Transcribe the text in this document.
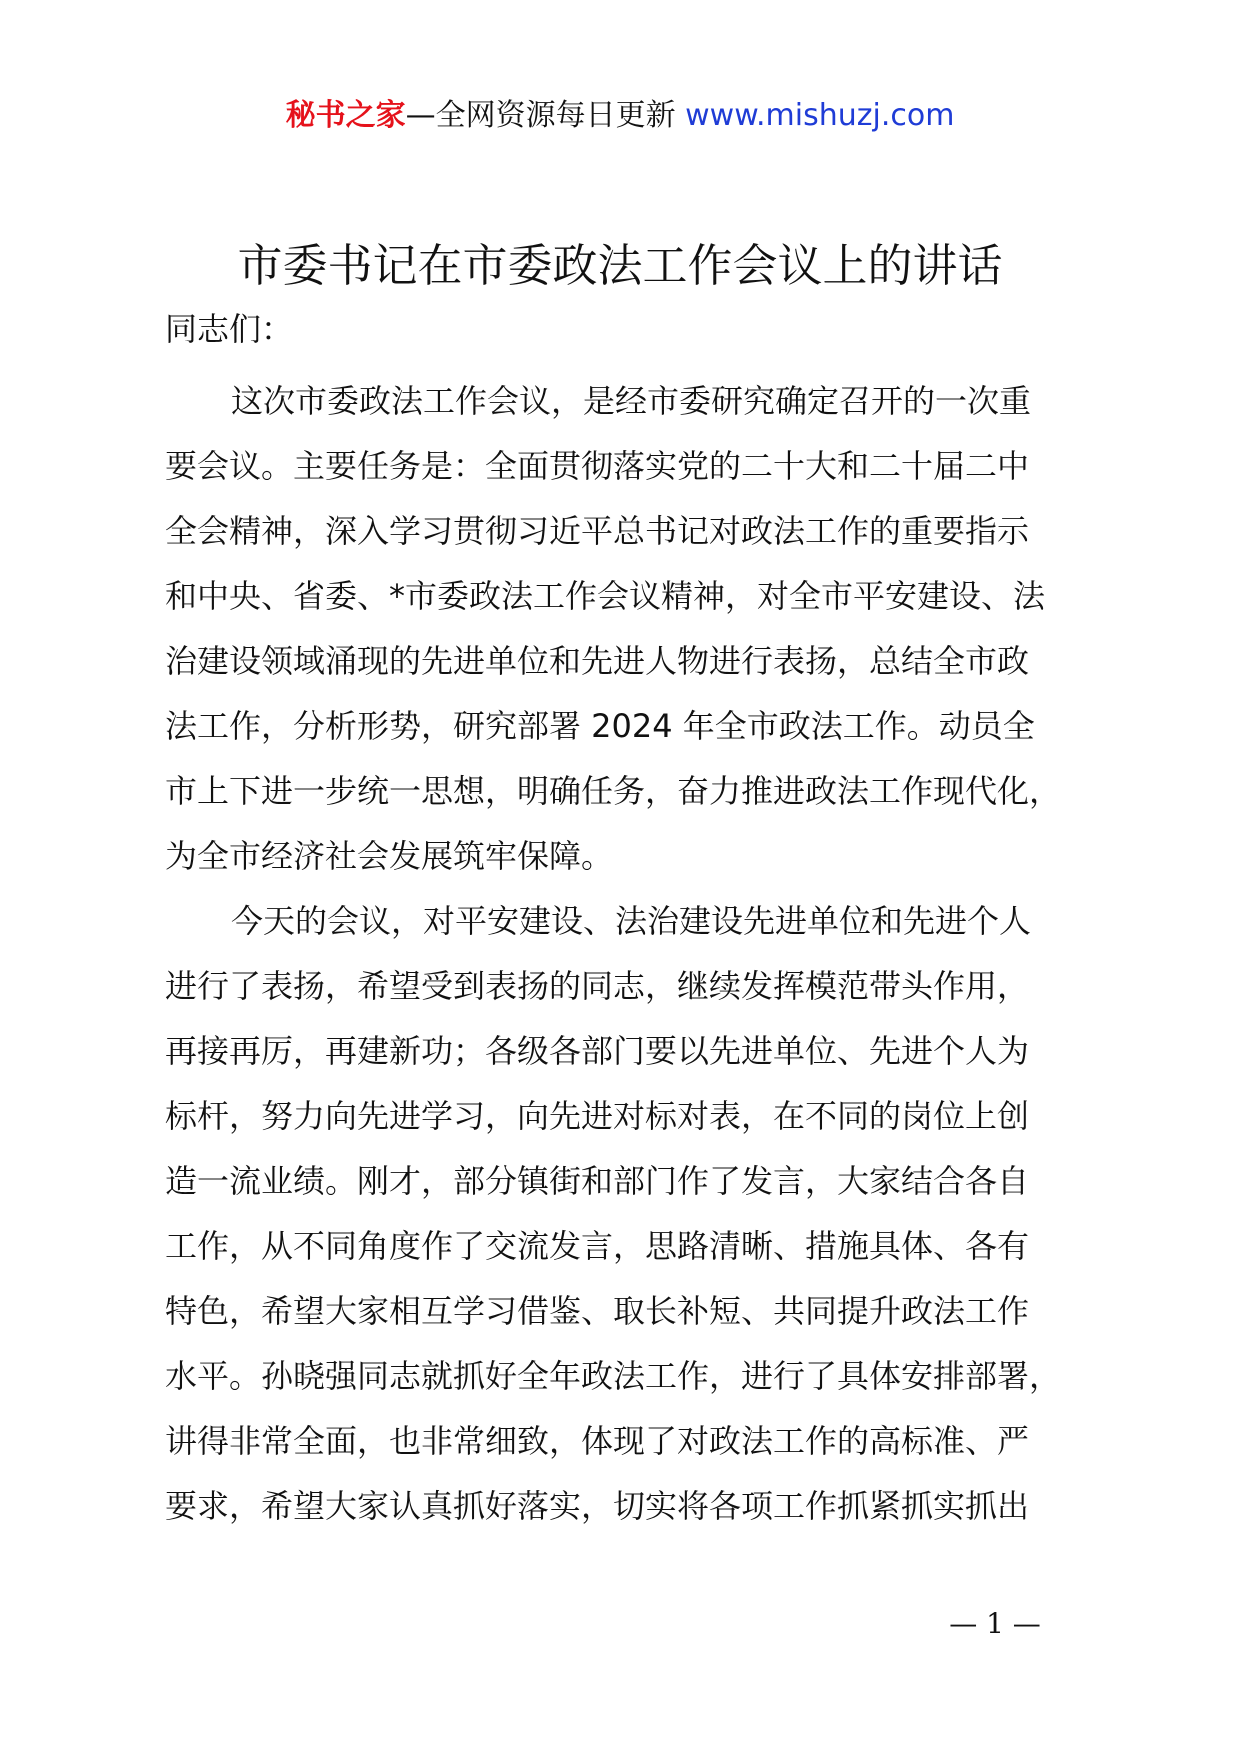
秘书之家—全网资源每日更新 www.mishuzj.com
市委书记在市委政法工作会议上的讲话
同志们：
这次市委政法工作会议，是经市委研究确定召开的一次重
要会议。主要任务是：全面贯彻落实党的二十大和二十届二中
全会精神，深入学习贯彻习近平总书记对政法工作的重要指示
和中央、省委、*市委政法工作会议精神，对全市平安建设、法
治建设领域涌现的先进单位和先进人物进行表扬，总结全市政
法工作，分析形势，研究部署 2024 年全市政法工作。动员全
市上下进一步统一思想，明确任务，奋力推进政法工作现代化，
为全市经济社会发展筑牢保障。
今天的会议，对平安建设、法治建设先进单位和先进个人
进行了表扬，希望受到表扬的同志，继续发挥模范带头作用，
再接再厉，再建新功；各级各部门要以先进单位、先进个人为
标杆，努力向先进学习，向先进对标对表，在不同的岗位上创
造一流业绩。刚才，部分镇街和部门作了发言，大家结合各自
工作，从不同角度作了交流发言，思路清晰、措施具体、各有
特色，希望大家相互学习借鉴、取长补短、共同提升政法工作
水平。孙晓强同志就抓好全年政法工作，进行了具体安排部署，
讲得非常全面，也非常细致，体现了对政法工作的高标准、严
要求，希望大家认真抓好落实，切实将各项工作抓紧抓实抓出
— 1 —
